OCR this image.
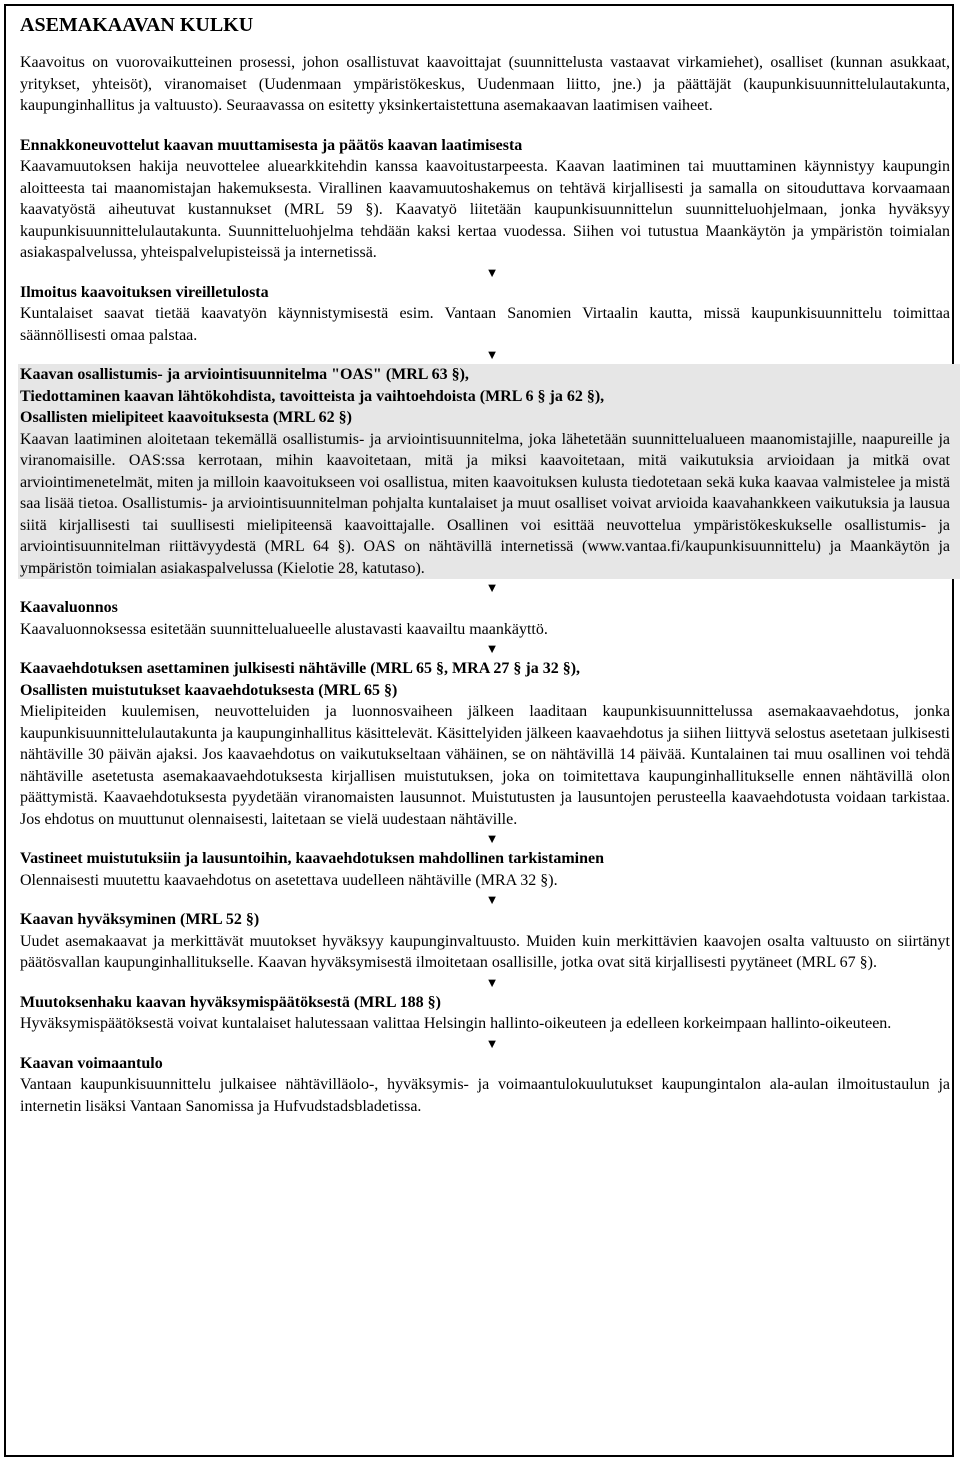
ASEMAKAAVAN KULKU
Kaavoitus on vuorovaikutteinen prosessi, johon osallistuvat kaavoittajat (suunnittelusta vastaavat virkamiehet), osalliset (kunnan asukkaat, yritykset, yhteisöt), viranomaiset (Uudenmaan ympäristökeskus, Uudenmaan liitto, jne.) ja päättäjät (kaupunkisuunnittelulautakunta, kaupunginhallitus ja valtuusto). Seuraavassa on esitetty yksinkertaistettuna asemakaavan laatimisen vaiheet.
Ennakkoneuvottelut kaavan muuttamisesta ja päätös kaavan laatimisesta
Kaavamuutoksen hakija neuvottelee aluearkkitehdin kanssa kaavoitustarpeesta. Kaavan laatiminen tai muuttaminen käynnistyy kaupungin aloitteesta tai maanomistajan hakemuksesta. Virallinen kaavamuutoshakemus on tehtävä kirjallisesti ja samalla on sitouduttava korvaamaan kaavatyöstä aiheutuvat kustannukset (MRL 59 §). Kaavatyö liitetään kaupunkisuunnittelun suunnitteluohjelmaan, jonka hyväksyy kaupunkisuunnittelulautakunta. Suunnitteluohjelma tehdään kaksi kertaa vuodessa. Siihen voi tutustua Maankäytön ja ympäristön toimialan asiakaspalvelussa, yhteispalvelupisteissä ja internetissä.
▼
Ilmoitus kaavoituksen vireilletulosta
Kuntalaiset saavat tietää kaavatyön käynnistymisestä esim. Vantaan Sanomien Virtaalin kautta, missä kaupunkisuunnittelu toimittaa säännöllisesti omaa palstaa.
▼
Kaavan osallistumis- ja arviointisuunnitelma "OAS" (MRL 63 §),
Tiedottaminen kaavan lähtökohdista, tavoitteista ja vaihtoehdoista (MRL 6 § ja 62 §),
Osallisten mielipiteet kaavoituksesta (MRL 62 §)
Kaavan laatiminen aloitetaan tekemällä osallistumis- ja arviointisuunnitelma, joka lähetetään suunnittelualueen maanomistajille, naapureille ja viranomaisille. OAS:ssa kerrotaan, mihin kaavoitetaan, mitä ja miksi kaavoitetaan, mitä vaikutuksia arvioidaan ja mitkä ovat arviointimenetelmät, miten ja milloin kaavoitukseen voi osallistua, miten kaavoituksen kulusta tiedotetaan sekä kuka kaavaa valmistelee ja mistä saa lisää tietoa. Osallistumis- ja arviointisuunnitelman pohjalta kuntalaiset ja muut osalliset voivat arvioida kaavahankkeen vaikutuksia ja lausua siitä kirjallisesti tai suullisesti mielipiteensä kaavoittajalle. Osallinen voi esittää neuvottelua ympäristökeskukselle osallistumis- ja arviointisuunnitelman riittävyydestä (MRL 64 §). OAS on nähtävillä internetissä (www.vantaa.fi/kaupunkisuunnittelu) ja Maankäytön ja ympäristön toimialan asiakaspalvelussa (Kielotie 28, katutaso).
▼
Kaavaluonnos
Kaavaluonnoksessa esitetään suunnittelualueelle alustavasti kaavailtu maankäyttö.
▼
Kaavaehdotuksen asettaminen julkisesti nähtäville (MRL 65 §, MRA 27 § ja 32 §),
Osallisten muistutukset kaavaehdotuksesta (MRL 65 §)
Mielipiteiden kuulemisen, neuvotteluiden ja luonnosvaiheen jälkeen laaditaan kaupunkisuunnittelussa asemakaavaehdotus, jonka kaupunkisuunnittelulautakunta ja kaupunginhallitus käsittelevät. Käsittelyiden jälkeen kaavaehdotus ja siihen liittyvä selostus asetetaan julkisesti nähtäville 30 päivän ajaksi. Jos kaavaehdotus on vaikutukseltaan vähäinen, se on nähtävillä 14 päivää. Kuntalainen tai muu osallinen voi tehdä nähtäville asetetusta asemakaavaehdotuksesta kirjallisen muistutuksen, joka on toimitettava kaupunginhallitukselle ennen nähtävillä olon päättymistä. Kaavaehdotuksesta pyydetään viranomaisten lausunnot. Muistutusten ja lausuntojen perusteella kaavaehdotusta voidaan tarkistaa. Jos ehdotus on muuttunut olennaisesti, laitetaan se vielä uudestaan nähtäville.
▼
Vastineet muistutuksiin ja lausuntoihin, kaavaehdotuksen mahdollinen tarkistaminen
Olennaisesti muutettu kaavaehdotus on asetettava uudelleen nähtäville (MRA 32 §).
▼
Kaavan hyväksyminen (MRL 52 §)
Uudet asemakaavat ja merkittävät muutokset hyväksyy kaupunginvaltuusto. Muiden kuin merkittävien kaavojen osalta valtuusto on siirtänyt päätösvallan kaupunginhallitukselle. Kaavan hyväksymisestä ilmoitetaan osallisille, jotka ovat sitä kirjallisesti pyytäneet (MRL 67 §).
▼
Muutoksenhaku kaavan hyväksymispäätöksestä (MRL 188 §)
Hyväksymispäätöksestä voivat kuntalaiset halutessaan valittaa Helsingin hallinto-oikeuteen ja edelleen korkeimpaan hallinto-oikeuteen.
▼
Kaavan voimaantulo
Vantaan kaupunkisuunnittelu julkaisee nähtävilläolo-, hyväksymis- ja voimaantulokuulutukset kaupungintalon ala-aulan ilmoitustaulun ja internetin lisäksi Vantaan Sanomissa ja Hufvudstadsbladetissa.
